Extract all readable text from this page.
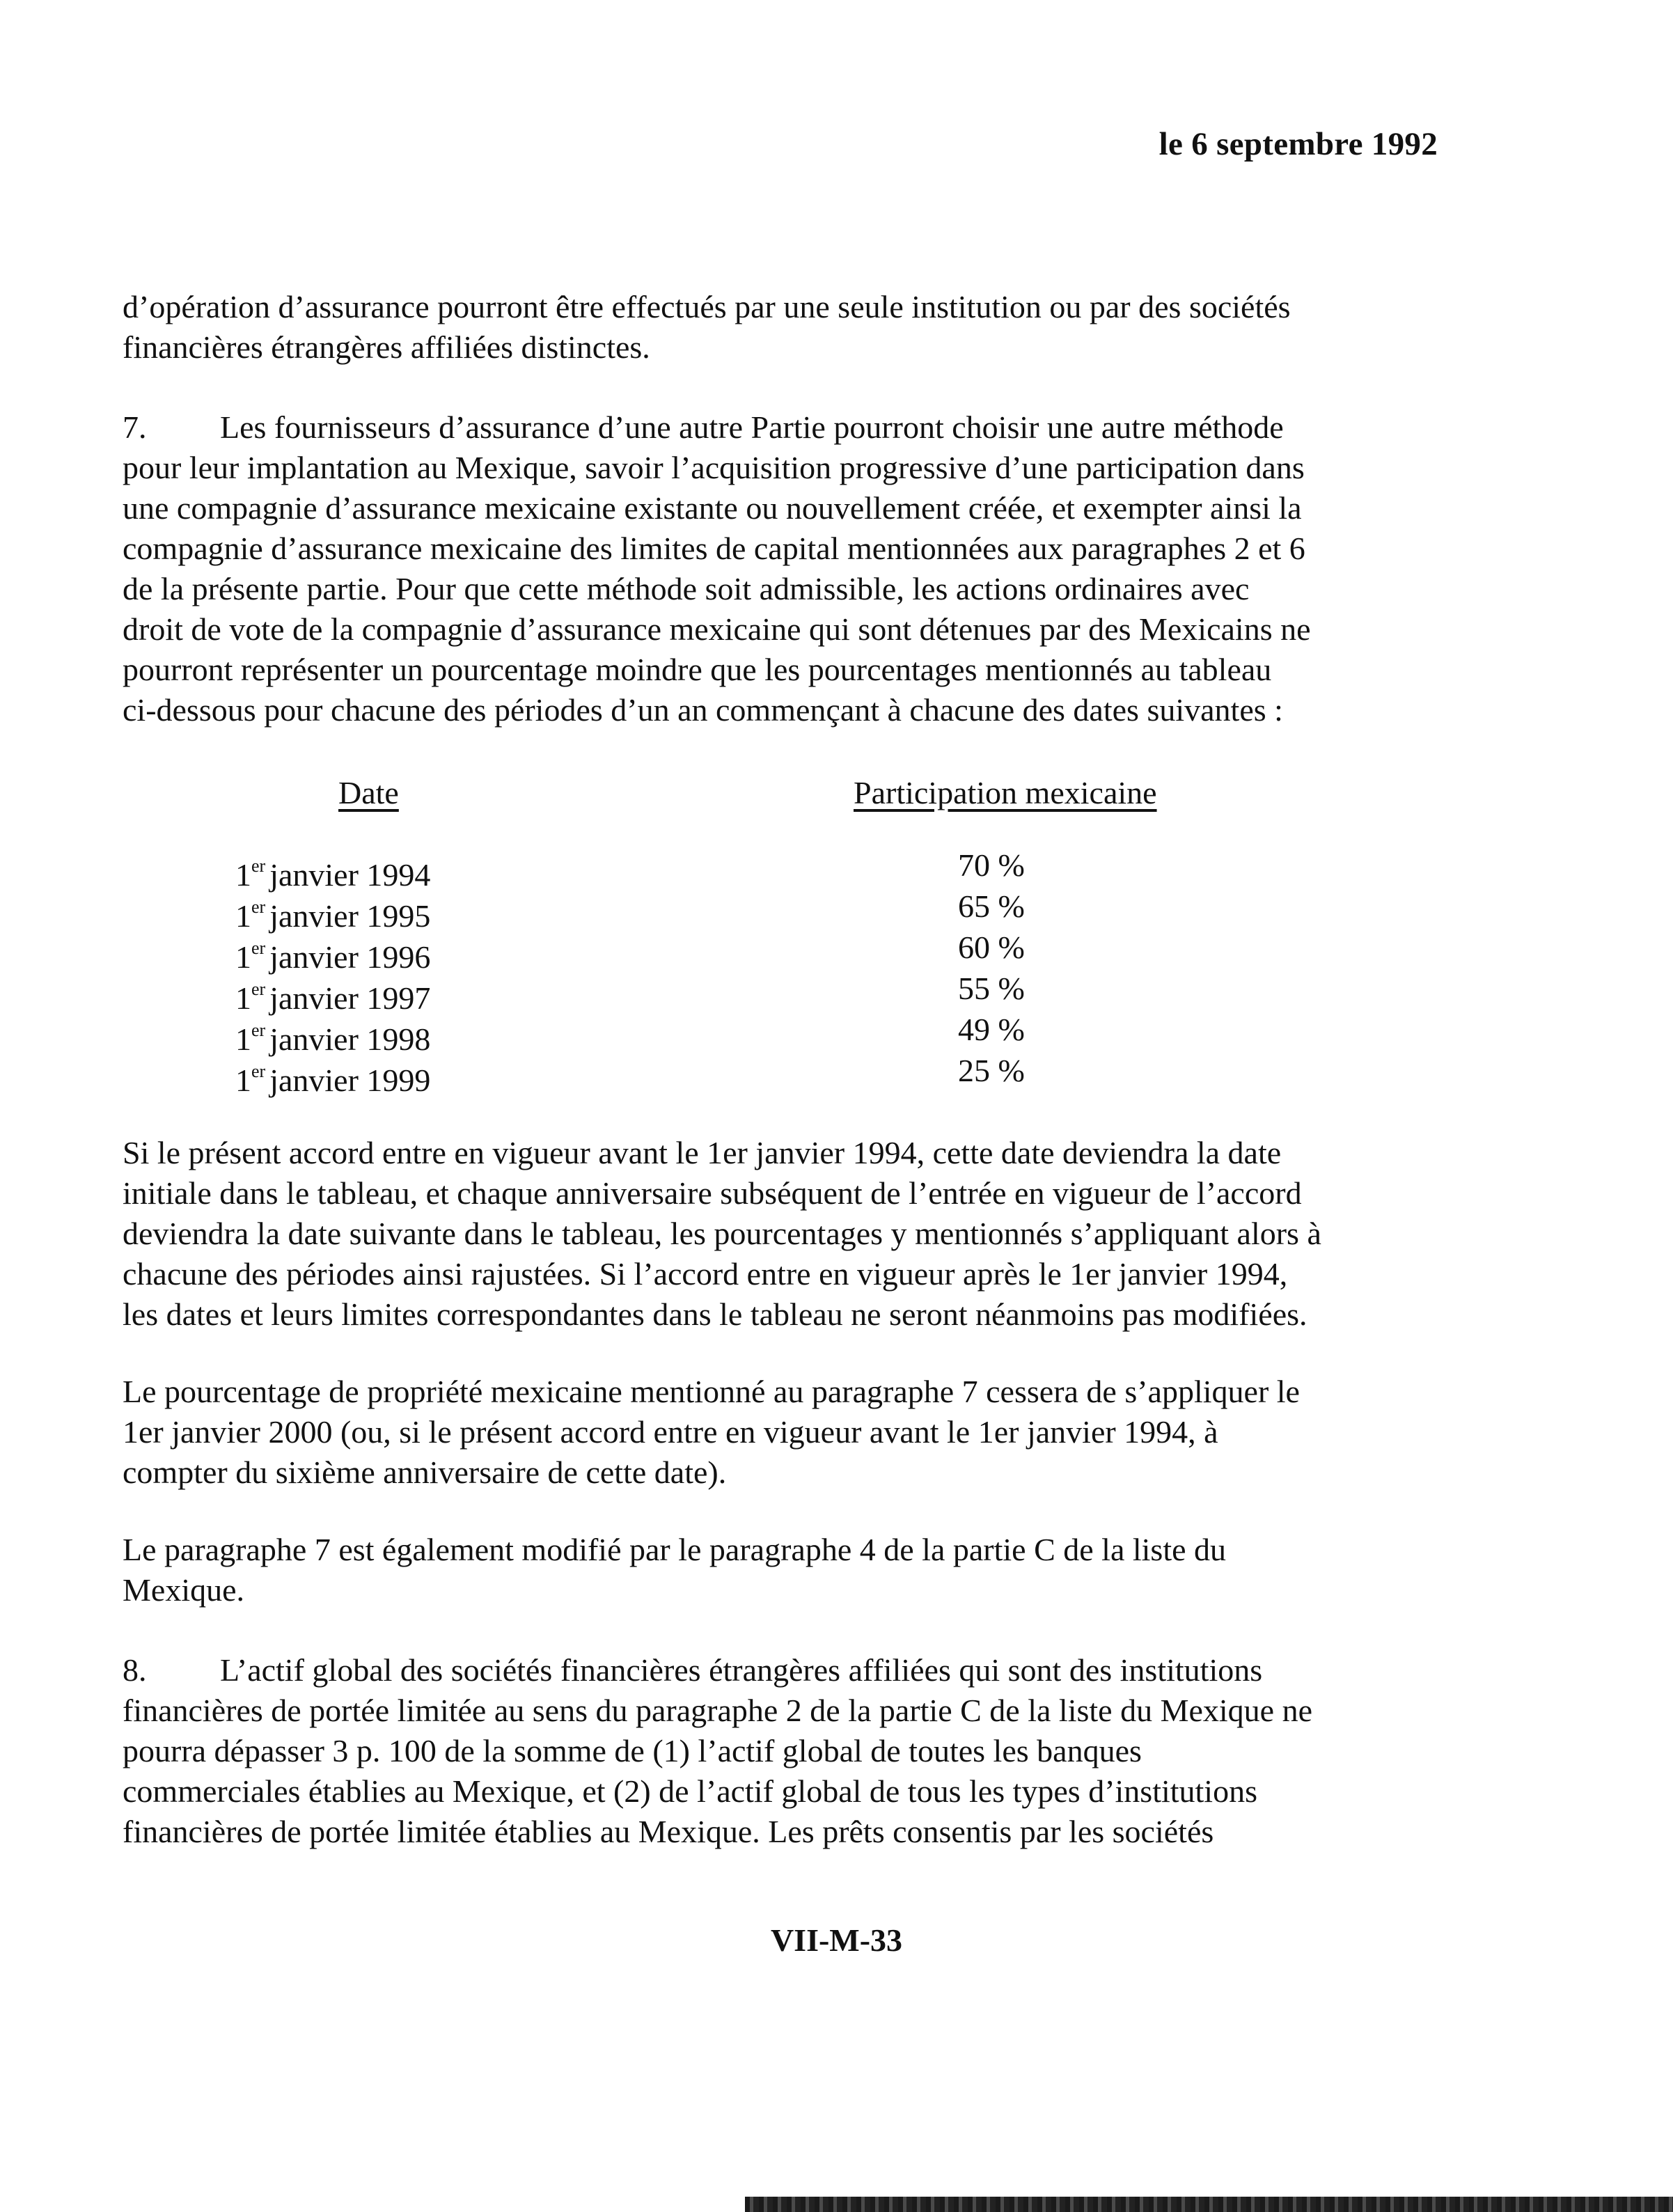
le 6 septembre 1992

d’opération d’assurance pourront être effectués par une seule institution ou par des sociétés
financières étrangères affiliées distinctes.

7. Les fournisseurs d’assurance d’une autre Partie pourront choisir une autre méthode
pour leur implantation au Mexique, savoir l’acquisition progressive d’une participation dans
une compagnie d’assurance mexicaine existante ou nouvellement créée, et exempter ainsi la
compagnie d’assurance mexicaine des limites de capital mentionnées aux paragraphes 2 et 6
de la présente partie. Pour que cette méthode soit admissible, les actions ordinaires avec
droit de vote de la compagnie d’assurance mexicaine qui sont détenues par des Mexicains ne
pourront représenter un pourcentage moindre que les pourcentages mentionnés au tableau
ci-dessous pour chacune des périodes d’un an commençant à chacune des dates suivantes :

Date	Participation mexicaine
1er janvier 1994	70 %
1er janvier 1995	65 %
1er janvier 1996	60 %
1er janvier 1997	55 %
1er janvier 1998	49 %
1er janvier 1999	25 %

Si le présent accord entre en vigueur avant le 1er janvier 1994, cette date deviendra la date
initiale dans le tableau, et chaque anniversaire subséquent de l’entrée en vigueur de l’accord
deviendra la date suivante dans le tableau, les pourcentages y mentionnés s’appliquant alors à
chacune des périodes ainsi rajustées. Si l’accord entre en vigueur après le 1er janvier 1994,
les dates et leurs limites correspondantes dans le tableau ne seront néanmoins pas modifiées.

Le pourcentage de propriété mexicaine mentionné au paragraphe 7 cessera de s’appliquer le
1er janvier 2000 (ou, si le présent accord entre en vigueur avant le 1er janvier 1994, à
compter du sixième anniversaire de cette date).

Le paragraphe 7 est également modifié par le paragraphe 4 de la partie C de la liste du
Mexique.

8. L’actif global des sociétés financières étrangères affiliées qui sont des institutions
financières de portée limitée au sens du paragraphe 2 de la partie C de la liste du Mexique ne
pourra dépasser 3 p. 100 de la somme de (1) l’actif global de toutes les banques
commerciales établies au Mexique, et (2) de l’actif global de tous les types d’institutions
financières de portée limitée établies au Mexique. Les prêts consentis par les sociétés

VII-M-33
